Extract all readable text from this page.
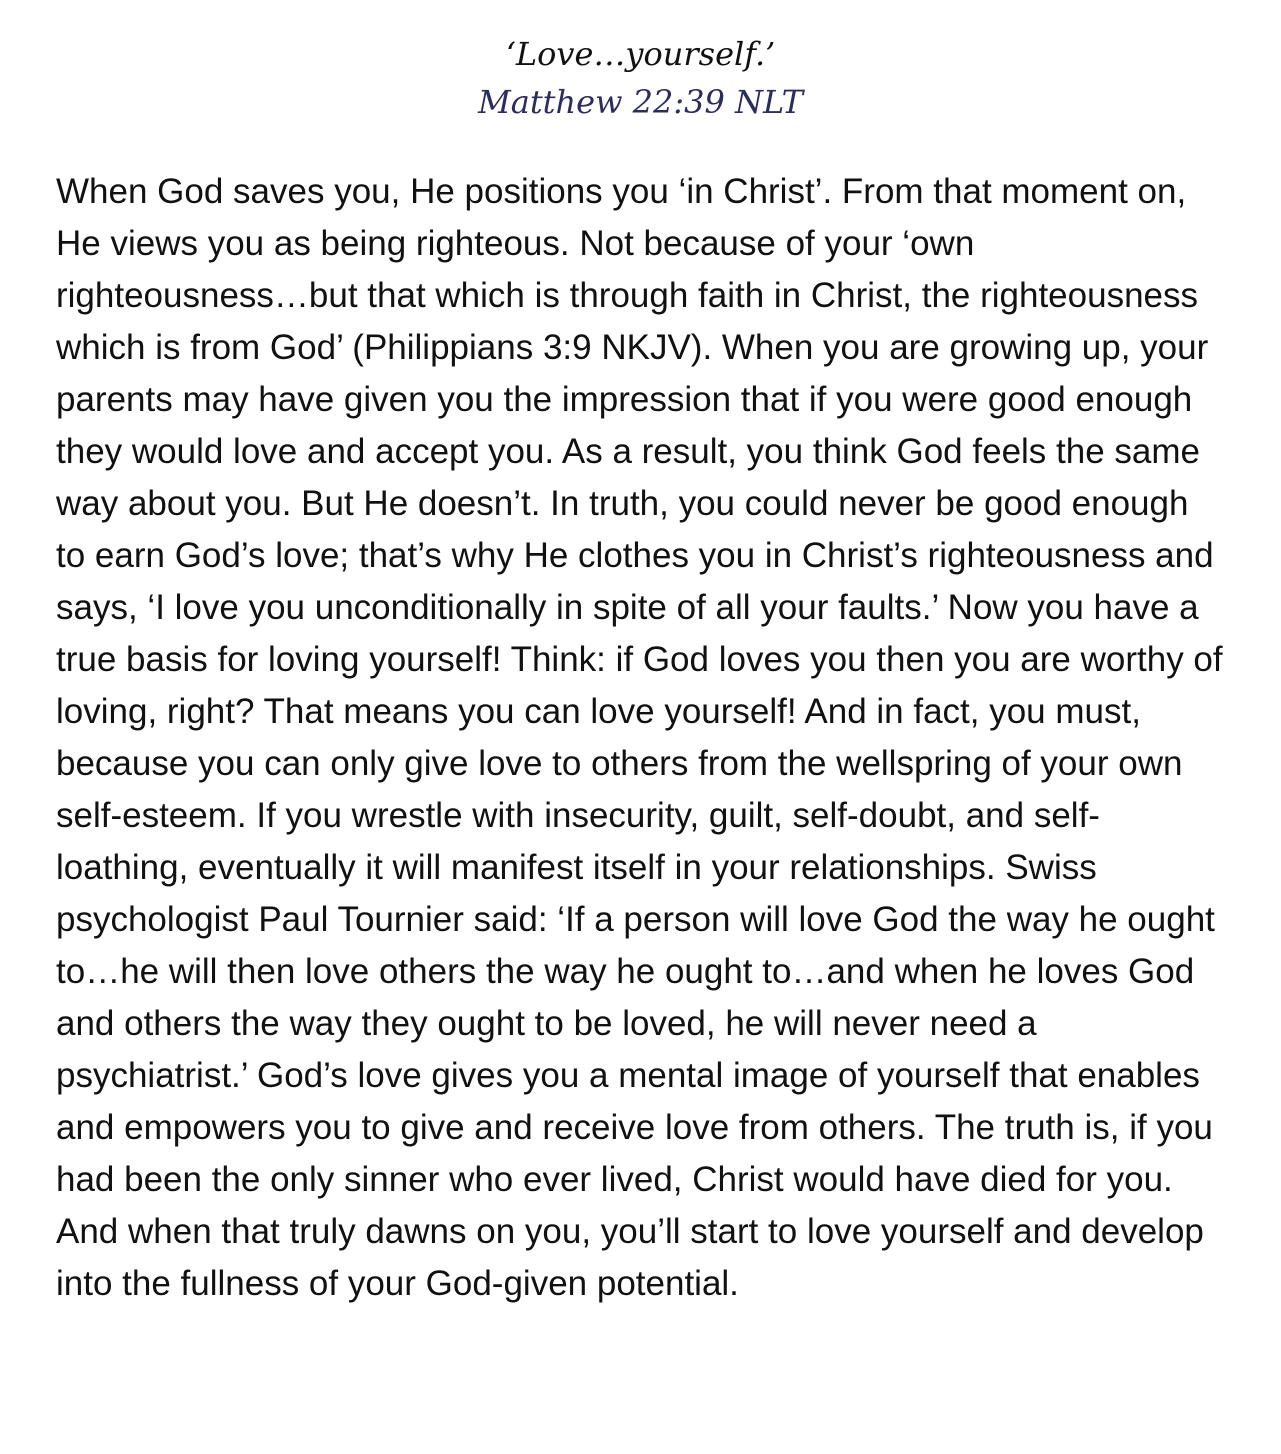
‘Love…yourself.’
Matthew 22:39 NLT

When God saves you, He positions you ‘in Christ’. From that moment on, He views you as being righteous. Not because of your ‘own righteousness…but that which is through faith in Christ, the righteousness which is from God’ (Philippians 3:9 NKJV). When you are growing up, your parents may have given you the impression that if you were good enough they would love and accept you. As a result, you think God feels the same way about you. But He doesn’t. In truth, you could never be good enough to earn God’s love; that’s why He clothes you in Christ’s righteousness and says, ‘I love you unconditionally in spite of all your faults.’ Now you have a true basis for loving yourself! Think: if God loves you then you are worthy of loving, right? That means you can love yourself! And in fact, you must, because you can only give love to others from the wellspring of your own self-esteem. If you wrestle with insecurity, guilt, self-doubt, and self-loathing, eventually it will manifest itself in your relationships. Swiss psychologist Paul Tournier said: ‘If a person will love God the way he ought to…he will then love others the way he ought to…and when he loves God and others the way they ought to be loved, he will never need a psychiatrist.’ God’s love gives you a mental image of yourself that enables and empowers you to give and receive love from others. The truth is, if you had been the only sinner who ever lived, Christ would have died for you. And when that truly dawns on you, you’ll start to love yourself and develop into the fullness of your God-given potential.
